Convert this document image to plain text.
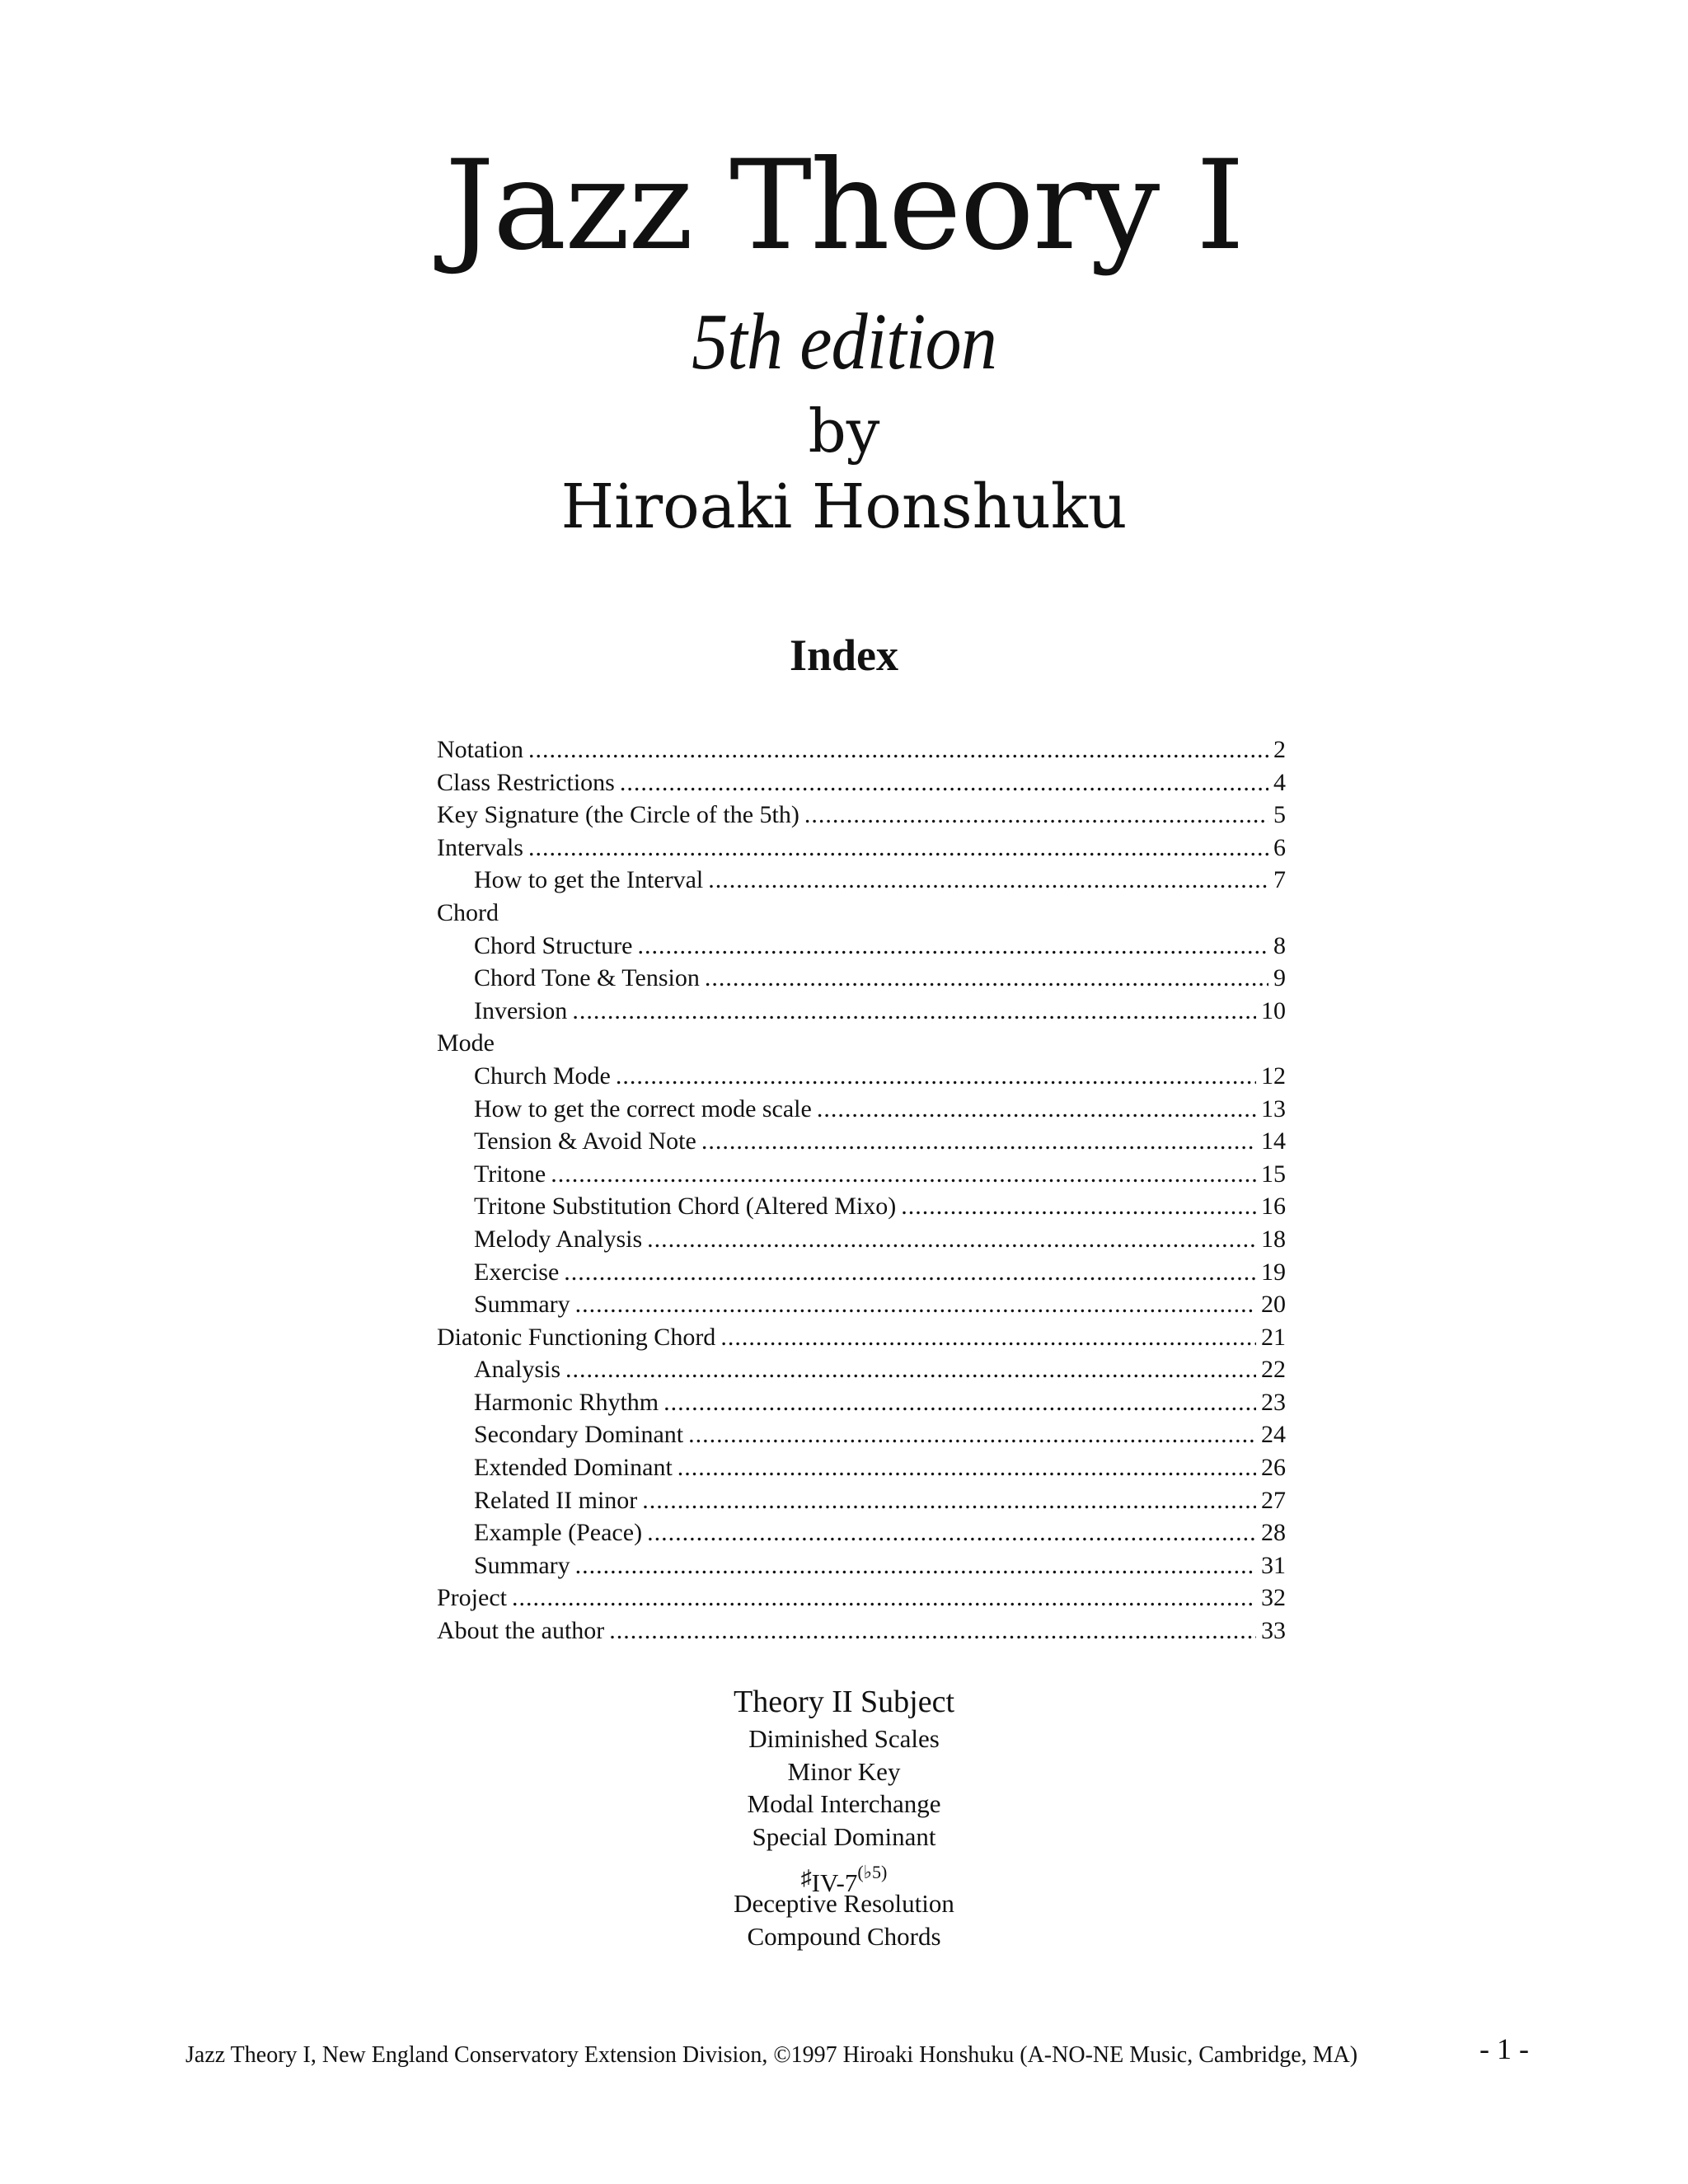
Jazz Theory I
5th edition
by
Hiroaki Honshuku
Index
Notation .....	2
Class Restrictions .....	4
Key Signature (the Circle of the 5th) .....	5
Intervals .....	6
How to get the Interval .....	7
Chord
Chord Structure .....	8
Chord Tone & Tension .....	9
Inversion .....	10
Mode
Church Mode .....	12
How to get the correct mode scale .....	13
Tension & Avoid Note .....	14
Tritone .....	15
Tritone Substitution Chord (Altered Mixo) .....	16
Melody Analysis .....	18
Exercise .....	19
Summary .....	20
Diatonic Functioning Chord .....	21
Analysis .....	22
Harmonic Rhythm .....	23
Secondary Dominant .....	24
Extended Dominant .....	26
Related II minor .....	27
Example (Peace) .....	28
Summary .....	31
Project .....	32
About the author .....	33
Theory II Subject
Diminished Scales
Minor Key
Modal Interchange
Special Dominant
$^♯IV-7^{(♭5)}$
Deceptive Resolution
Compound Chords
Jazz Theory I, New England Conservatory Extension Division, ©1997 Hiroaki Honshuku (A-NO-NE Music, Cambridge, MA)	- 1 -
